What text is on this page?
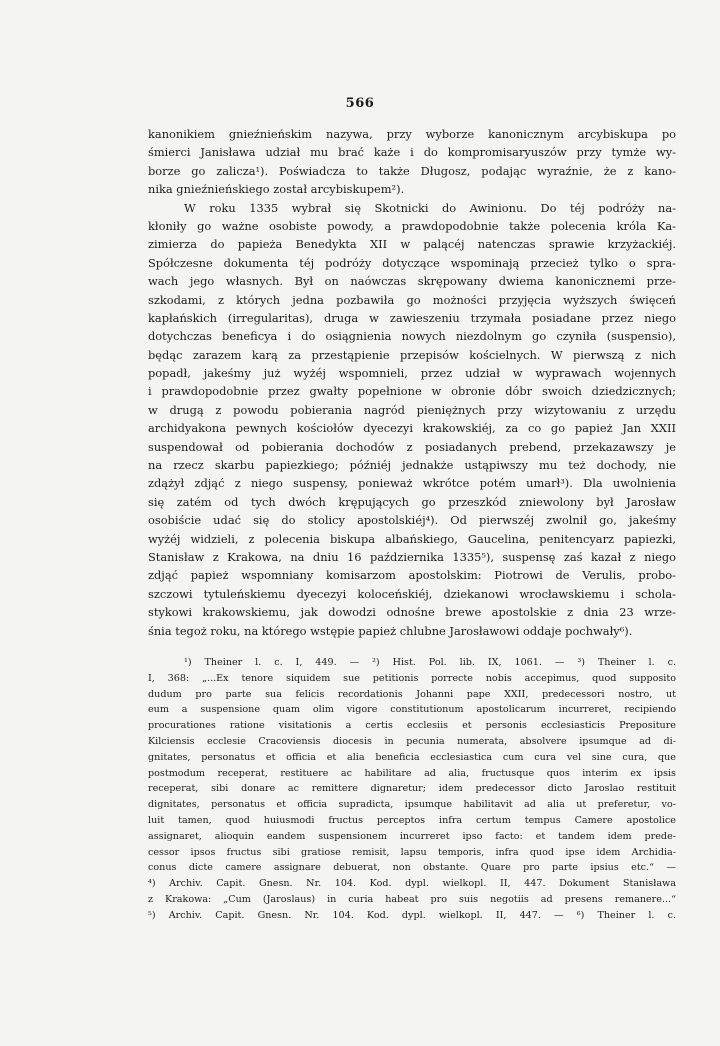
566
kanonikiem gnieźnieńskim nazywa, przy wyborze kanonicznym arcybiskupa po
śmierci Janisława udział mu brać każe i do kompromisaryuszów przy tymże wy-
borze go zalicza¹). Poświadcza to także Długosz, podając wyraźnie, że z kano-
nika gnieźnieńskiego został arcybiskupem²).
W roku 1335 wybrał się Skotnicki do Awinionu. Do téj podróży na-
kłoniły go ważne osobiste powody, a prawdopodobnie także polecenia króla Ka-
zimierza do papieża Benedykta XII w palącéj natenczas sprawie krzyżackiéj.
Spółczesne dokumenta téj podróży dotyczące wspominają przecież tylko o spra-
wach jego własnych. Był on naówczas skrępowany dwiema kanonicznemi prze-
szkodami, z których jedna pozbawiła go możności przyjęcia wyższych święceń
kapłańskich (irregularitas), druga w zawieszeniu trzymała posiadane przez niego
dotychczas beneficya i do osiągnienia nowych niezdolnym go czyniła (suspensio),
będąc zarazem karą za przestąpienie przepisów kościelnych. W pierwszą z nich
popadł, jakeśmy już wyżéj wspomnieli, przez udział w wyprawach wojennych
i prawdopodobnie przez gwałty popełnione w obronie dóbr swoich dziedzicznych;
w drugą z powodu pobierania nagród pieniężnych przy wizytowaniu z urzędu
archidyakona pewnych kościołów dyecezyi krakowskiéj, za co go papież Jan XXII
suspendował od pobierania dochodów z posiadanych prebend, przekazawszy je
na rzecz skarbu papiezkiego; późniéj jednakże ustąpiwszy mu też dochody, nie
zdążył zdjąć z niego suspensy, ponieważ wkrótce potém umarł³). Dla uwolnienia
się zatém od tych dwóch krępujących go przeszkód zniewolony był Jarosław
osobiście udać się do stolicy apostolskiéj⁴). Od pierwszéj zwolnił go, jakeśmy
wyżéj widzieli, z polecenia biskupa albańskiego, Gaucelina, penitencyarz papiezki,
Stanisław z Krakowa, na dniu 16 października 1335⁵), suspensę zaś kazał z niego
zdjąć papież wspomniany komisarzom apostolskim: Piotrowi de Verulis, probo-
szczowi tytuleńskiemu dyecezyi koloceńskiéj, dziekanowi wrocławskiemu i schola-
stykowi krakowskiemu, jak dowodzi odnośne brewe apostolskie z dnia 23 wrze-
śnia tegoż roku, na którego wstępie papież chlubne Jarosławowi oddaje pochwały⁶).
¹) Theiner l. c. I, 449. — ²) Hist. Pol. lib. IX, 1061. — ³) Theiner l. c.
I, 368: „...Ex tenore siquidem sue petitionis porrecte nobis accepimus, quod supposito
dudum pro parte sua felicis recordationis Johanni pape XXII, predecessori nostro, ut
eum a suspensione quam olim vigore constitutionum apostolicarum incurreret, recipiendo
procurationes ratione visitationis a certis ecclesiis et personis ecclesiasticis Prepositure
Kilciensis ecclesie Cracoviensis diocesis in pecunia numerata, absolvere ipsumque ad di-
gnitates, personatus et officia et alia beneficia ecclesiastica cum cura vel sine cura, que
postmodum receperat, restituere ac habilitare ad alia, fructusque quos interim ex ipsis
receperat, sibi donare ac remittere dignaretur; idem predecessor dicto Jaroslao restituit
dignitates, personatus et officia supradicta, ipsumque habilitavit ad alia ut preferetur, vo-
luit tamen, quod huiusmodi fructus perceptos infra certum tempus Camere apostolice
assignaret, alioquin eandem suspensionem incurreret ipso facto: et tandem idem prede-
cessor ipsos fructus sibi gratiose remisit, lapsu temporis, infra quod ipse idem Archidia-
conus dicte camere assignare debuerat, non obstante. Quare pro parte ipsius etc.“ —
⁴) Archiv. Capit. Gnesn. Nr. 104. Kod. dypl. wielkopl. II, 447. Dokument Stanisława
z Krakowa: „Cum (Jaroslaus) in curia habeat pro suis negotiis ad presens remanere...“
⁵) Archiv. Capit. Gnesn. Nr. 104. Kod. dypl. wielkopl. II, 447. — ⁶) Theiner l. c.
